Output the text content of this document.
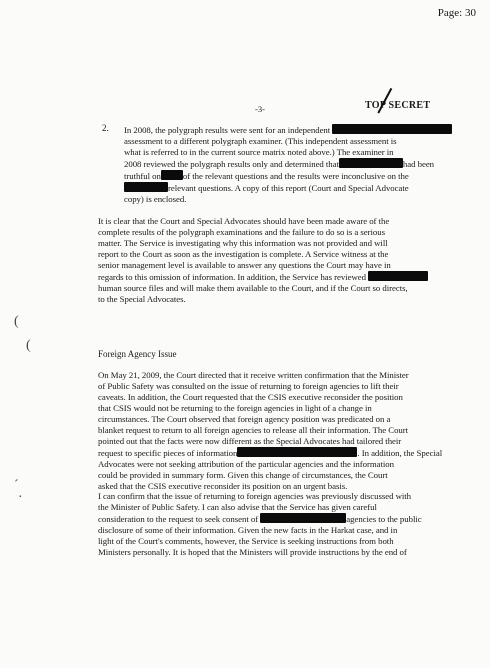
Page: 30
-3-	TOP SECRET
2. In 2008, the polygraph results were sent for an independent
assessment to a different polygraph examiner. (This independent assessment is
what is referred to in the current source matrix noted above.) The examiner in
2008 reviewed the polygraph results only and determined that	had been
truthful on	of the relevant questions and the results were inconclusive on the
relevant questions. A copy of this report (Court and Special Advocate
copy) is enclosed.
It is clear that the Court and Special Advocates should have been made aware of the
complete results of the polygraph examinations and the failure to do so is a serious
matter. The Service is investigating why this information was not provided and will
report to the Court as soon as the investigation is complete. A Service witness at the
senior management level is available to answer any questions the Court may have in
regards to this omission of information. In addition, the Service has reviewed
human source files and will make them available to the Court, and if the Court so directs,
to the Special Advocates.
Foreign Agency Issue
On May 21, 2009, the Court directed that it receive written confirmation that the Minister
of Public Safety was consulted on the issue of returning to foreign agencies to lift their
caveats. In addition, the Court requested that the CSIS executive reconsider the position
that CSIS would not be returning to the foreign agencies in light of a change in
circumstances. The Court observed that foreign agency position was predicated on a
blanket request to return to all foreign agencies to release all their information. The Court
pointed out that the facts were now different as the Special Advocates had tailored their
request to specific pieces of information	. In addition, the Special
Advocates were not seeking attribution of the particular agencies and the information
could be provided in summary form. Given this change of circumstances, the Court
asked that the CSIS executive reconsider its position on an urgent basis.
I can confirm that the issue of returning to foreign agencies was previously discussed with
the Minister of Public Safety. I can also advise that the Service has given careful
consideration to the request to seek consent of	agencies to the public
disclosure of some of their information. Given the new facts in the Harkat case, and in
light of the Court's comments, however, the Service is seeking instructions from both
Ministers personally. It is hoped that the Ministers will provide instructions by the end of
(
(
´
·
